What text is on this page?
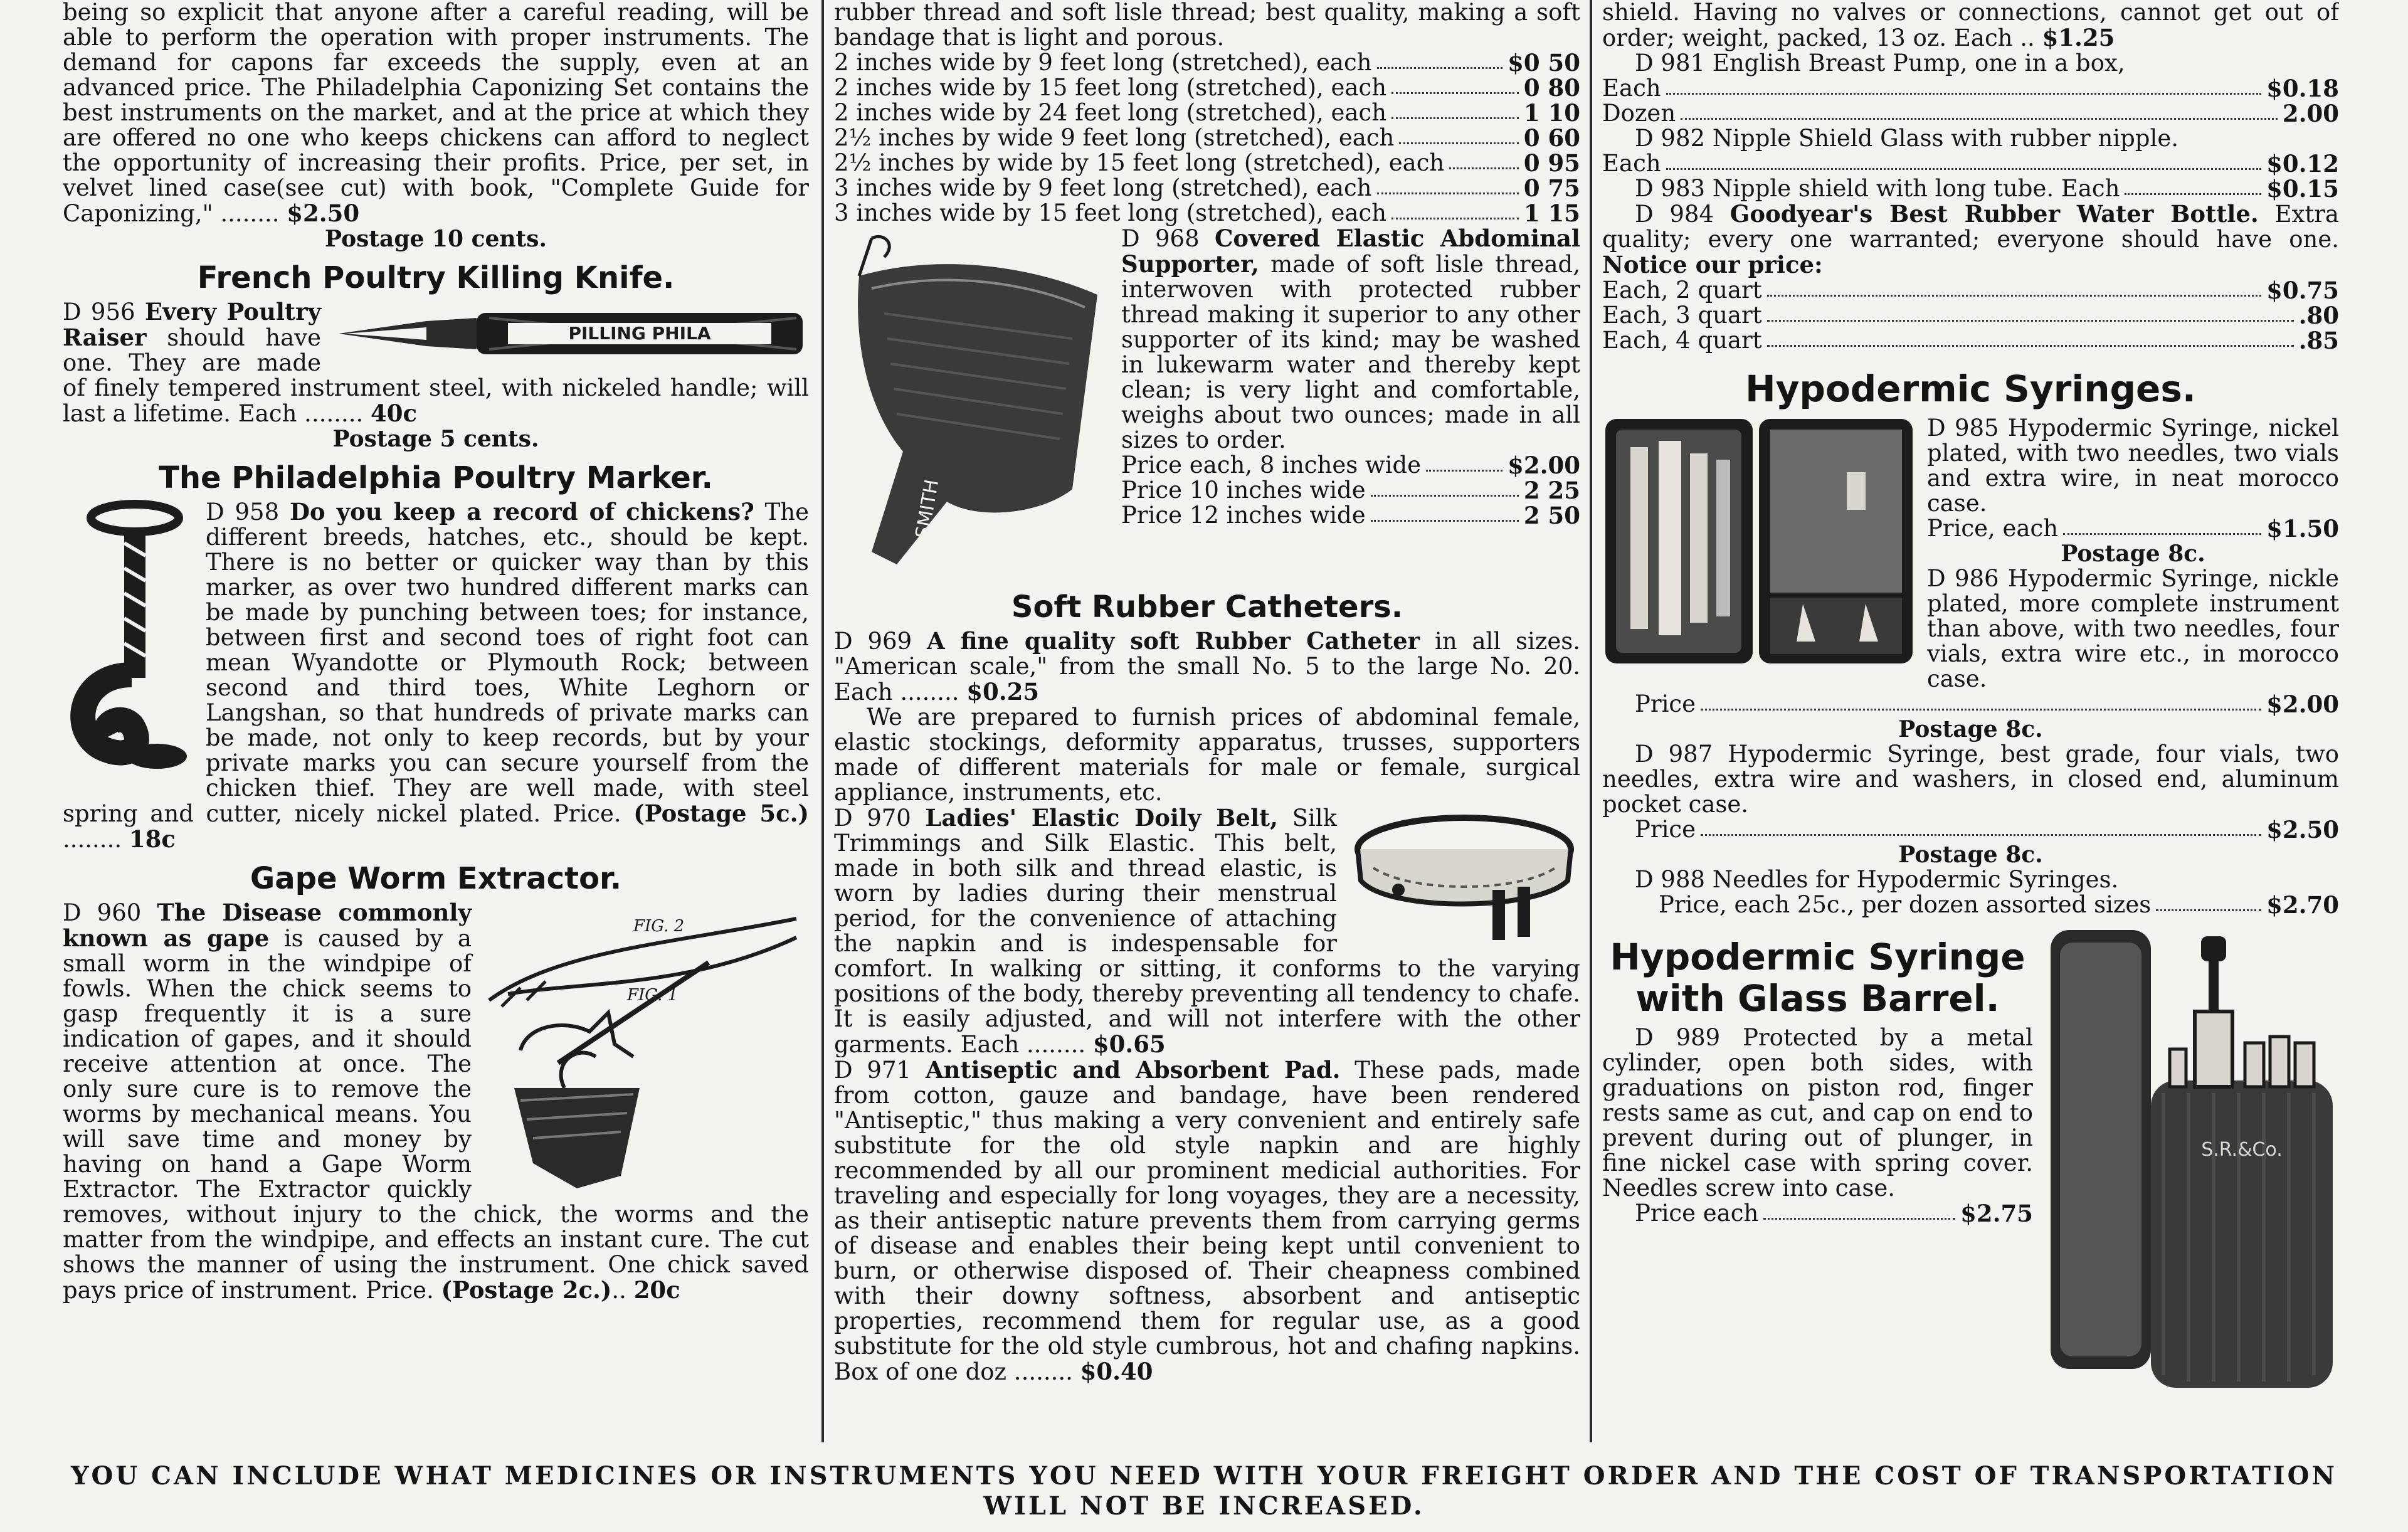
being so explicit that anyone after a careful reading, will be able to perform the operation with proper instruments. The demand for capons far exceeds the supply, even at an advanced price. The Philadelphia Caponizing Set contains the best instruments on the market, and at the price at which they are offered no one who keeps chickens can afford to neglect the opportunity of increasing their profits. Price, per set, in velvet lined case(see cut) with book, "Complete Guide for Caponizing," ........ $2.50

Postage 10 cents.

French Poultry Killing Knife.
PILLING PHILA

D 956 Every Poultry Raiser should have one. They are made of finely tempered instrument steel, with nickeled handle; will last a lifetime. Each ........ 40c

Postage 5 cents.

The Philadelphia Poultry Marker.

D 958 Do you keep a record of chickens? The different breeds, hatches, etc., should be kept. There is no better or quicker way than by this marker, as over two hundred different marks can be made by punching between toes; for instance, between first and second toes of right foot can mean Wyandotte or Plymouth Rock; between second and third toes, White Leghorn or Langshan, so that hundreds of private marks can be made, not only to keep records, but by your private marks you can secure yourself from the chicken thief. They are well made, with steel spring and cutter, nicely nickel plated. Price. (Postage 5c.) ........ 18c

Gape Worm Extractor.
FIG. 2
FIG. 1

D 960 The Disease commonly known as gape is caused by a small worm in the windpipe of fowls. When the chick seems to gasp frequently it is a sure indication of gapes, and it should receive attention at once. The only sure cure is to remove the worms by mechanical means. You will save time and money by having on hand a Gape Worm Extractor. The Extractor quickly removes, without injury to the chick, the worms and the matter from the windpipe, and effects an instant cure. The cut shows the manner of using the instrument. One chick saved pays price of instrument. Price. (Postage 2c.).. 20c

rubber thread and soft lisle thread; best quality, making a soft bandage that is light and porous.

2 inches wide by 9 feet long (stretched), each	$0 50
2 inches wide by 15 feet long (stretched), each	0 80
2 inches wide by 24 feet long (stretched), each	1 10
2½ inches by wide 9 feet long (stretched), each	0 60
2½ inches by wide by 15 feet long (stretched), each	0 95
3 inches wide by 9 feet long (stretched), each	0 75
3 inches wide by 15 feet long (stretched), each	1 15
SMITH

D 968 Covered Elastic Abdominal Supporter, made of soft lisle thread, interwoven with protected rubber thread making it superior to any other supporter of its kind; may be washed in lukewarm water and thereby kept clean; is very light and comfortable, weighs about two ounces; made in all sizes to order.

Price each, 8 inches wide	$2.00
Price 10 inches wide	2 25
Price 12 inches wide	2 50
Soft Rubber Catheters.

D 969 A fine quality soft Rubber Catheter in all sizes. "American scale," from the small No. 5 to the large No. 20. Each ........ $0.25

We are prepared to furnish prices of abdominal female, elastic stockings, deformity apparatus, trusses, supporters made of different materials for male or female, surgical appliance, instruments, etc.

D 970 Ladies' Elastic Doily Belt, Silk Trimmings and Silk Elastic. This belt, made in both silk and thread elastic, is worn by ladies during their menstrual period, for the convenience of attaching the napkin and is indespensable for comfort. In walking or sitting, it conforms to the varying positions of the body, thereby preventing all tendency to chafe. It is easily adjusted, and will not interfere with the other garments. Each ........ $0.65

D 971 Antiseptic and Absorbent Pad. These pads, made from cotton, gauze and bandage, have been rendered "Antiseptic," thus making a very convenient and entirely safe substitute for the old style napkin and are highly recommended by all our prominent medicial authorities. For traveling and especially for long voyages, they are a necessity, as their antiseptic nature prevents them from carrying germs of disease and enables their being kept until convenient to burn, or otherwise disposed of. Their cheapness combined with their downy softness, absorbent and antiseptic properties, recommend them for regular use, as a good substitute for the old style cumbrous, hot and chafing napkins. Box of one doz ........ $0.40

shield. Having no valves or connections, cannot get out of order; weight, packed, 13 oz. Each .. $1.25

D 981 English Breast Pump, one in a box,

Each	$0.18
Dozen	2.00

D 982 Nipple Shield Glass with rubber nipple.

Each	$0.12
D 983 Nipple shield with long tube. Each	$0.15

D 984 Goodyear's Best Rubber Water Bottle. Extra quality; every one warranted; everyone should have one. Notice our price:

Each, 2 quart	$0.75
Each, 3 quart	.80
Each, 4 quart	.85
Hypodermic Syringes.

D 985 Hypodermic Syringe, nickel plated, with two needles, two vials and extra wire, in neat morocco case.

Price, each	$1.50

Postage 8c.

D 986 Hypodermic Syringe, nickle plated, more complete instrument than above, with two needles, four vials, extra wire etc., in morocco case.

Price	$2.00

Postage 8c.

D 987 Hypodermic Syringe, best grade, four vials, two needles, extra wire and washers, in closed end, aluminum pocket case.

Price	$2.50

Postage 8c.

D 988 Needles for Hypodermic Syringes.

Price, each 25c., per dozen assorted sizes	$2.70
S.R.&Co.
Hypodermic Syringe with Glass Barrel.

D 989 Protected by a metal cylinder, open both sides, with graduations on piston rod, finger rests same as cut, and cap on end to prevent during out of plunger, in fine nickel case with spring cover. Needles screw into case.

Price each	$2.75
YOU CAN INCLUDE WHAT MEDICINES OR INSTRUMENTS YOU NEED WITH YOUR FREIGHT ORDER AND THE COST OF TRANSPORTATION WILL NOT BE INCREASED.
